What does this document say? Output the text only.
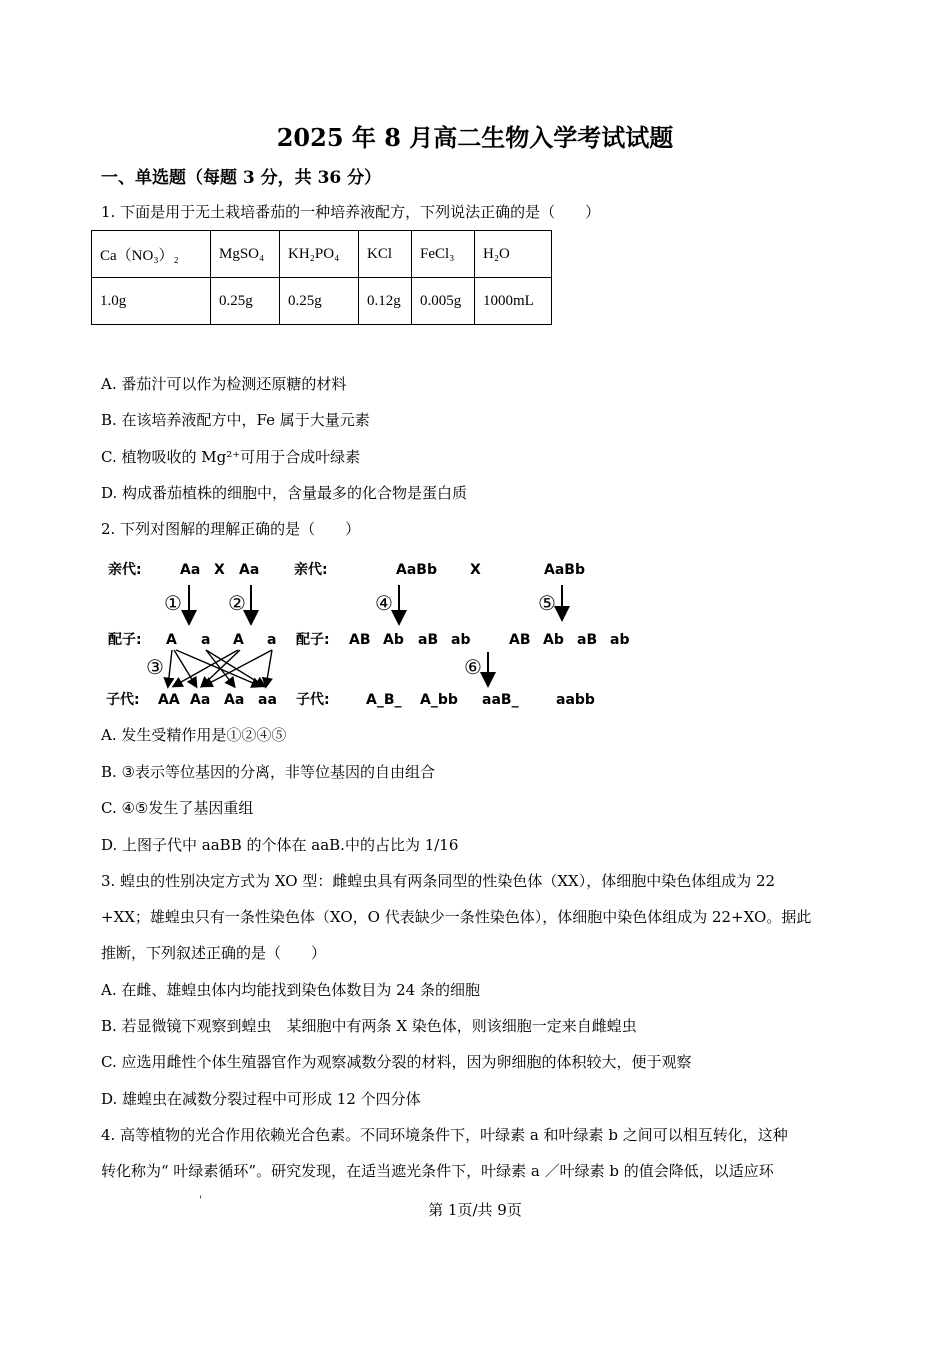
2025 年 8 月高二生物入学考试试题
一、单选题（每题 3 分，共 36 分）
1. 下面是用于无土栽培番茄的一种培养液配方，下列说法正确的是（　　）
Ca（NO₃）₂	MgSO₄	KH₂PO₄	KCl	FeCl₃	H₂O
1.0g	0.25g	0.25g	0.12g	0.005g	1000mL
A. 番茄汁可以作为检测还原糖的材料
B. 在该培养液配方中，Fe 属于大量元素
C. 植物吸收的 Mg²⁺可用于合成叶绿素
D. 构成番茄植株的细胞中，含量最多的化合物是蛋白质
2. 下列对图解的理解正确的是（　　）
亲代:
配子:
子代:
亲代:
配子:
子代:
Aa X Aa
① ②
A a A a
③
AA Aa Aa aa
AaBb X	AaBb
④	⑤
AB Ab aB ab	AB Ab aB ab
⑥
A_B_ A_bb aaB_	aabb
A. 发生受精作用是①②④⑤
B. ③表示等位基因的分离，非等位基因的自由组合
C. ④⑤发生了基因重组
D. 上图子代中 aaBB 的个体在 aaB.中的占比为 1/16
3. 蝗虫的性别决定方式为 XO 型：雌蝗虫具有两条同型的性染色体（XX），体细胞中染色体组成为 22
+XX；雄蝗虫只有一条性染色体（XO，O 代表缺少一条性染色体），体细胞中染色体组成为 22+XO。据此
推断，下列叙述正确的是（　　）
A. 在雌、雄蝗虫体内均能找到染色体数目为 24 条的细胞
B. 若显微镜下观察到蝗虫　某细胞中有两条 X 染色体，则该细胞一定来自雌蝗虫
C. 应选用雌性个体生殖器官作为观察减数分裂的材料，因为卵细胞的体积较大，便于观察
D. 雄蝗虫在减数分裂过程中可形成 12 个四分体
4. 高等植物的光合作用依赖光合色素。不同环境条件下，叶绿素 a 和叶绿素 b 之间可以相互转化，这种
转化称为“ 叶绿素循环”。研究发现，在适当遮光条件下，叶绿素 a ／叶绿素 b 的值会降低，以适应环
'
第 1页/共 9页
